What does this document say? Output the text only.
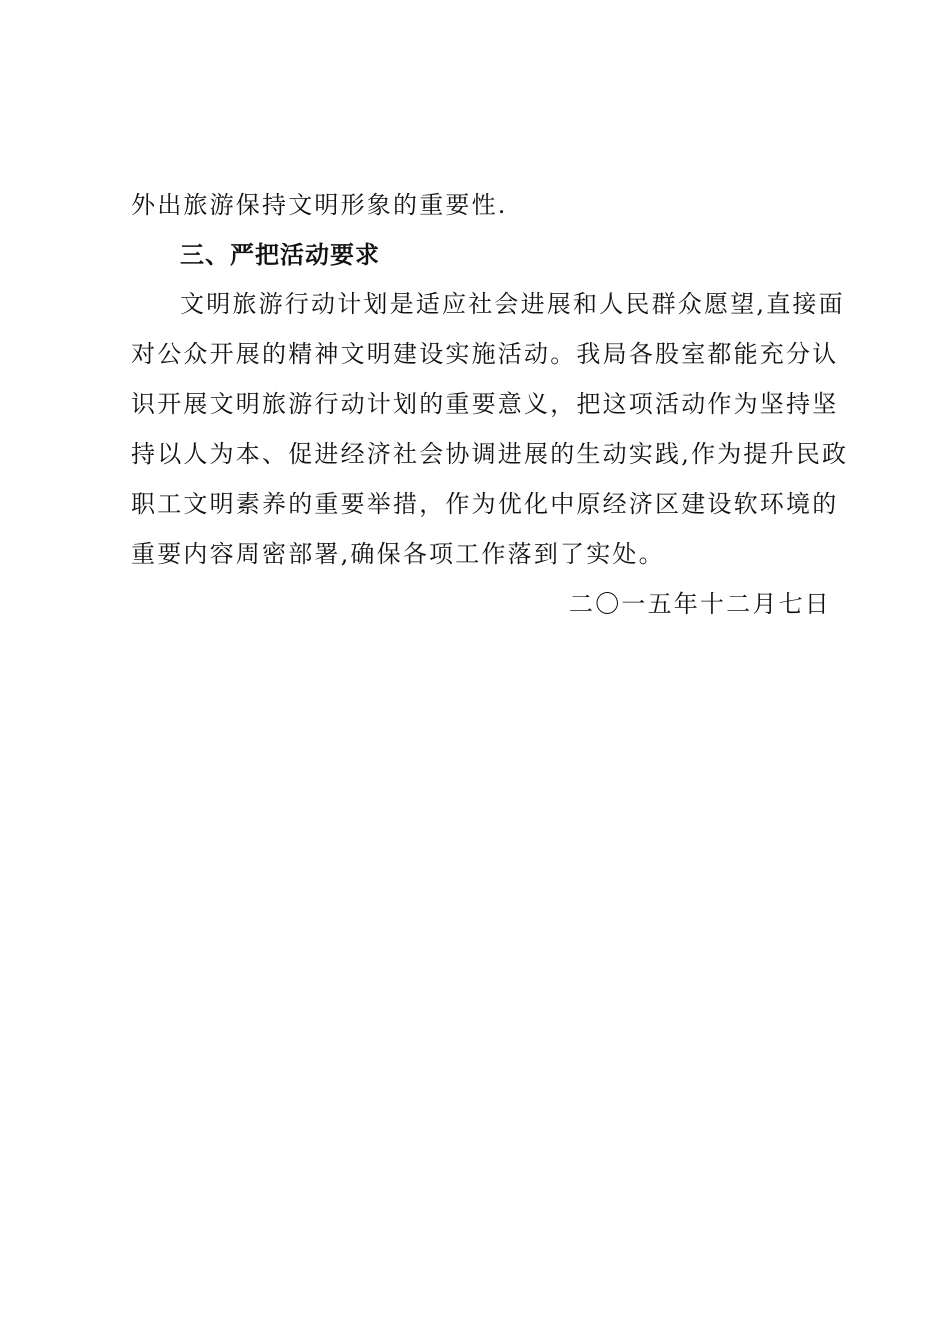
外出旅游保持文明形象的重要性.
三、严把活动要求
文明旅游行动计划是适应社会进展和人民群众愿望,直接面
对公众开展的精神文明建设实施活动。我局各股室都能充分认
识开展文明旅游行动计划的重要意义，把这项活动作为坚持坚
持以人为本、促进经济社会协调进展的生动实践,作为提升民政
职工文明素养的重要举措，作为优化中原经济区建设软环境的
重要内容周密部署,确保各项工作落到了实处。
二〇一五年十二月七日
